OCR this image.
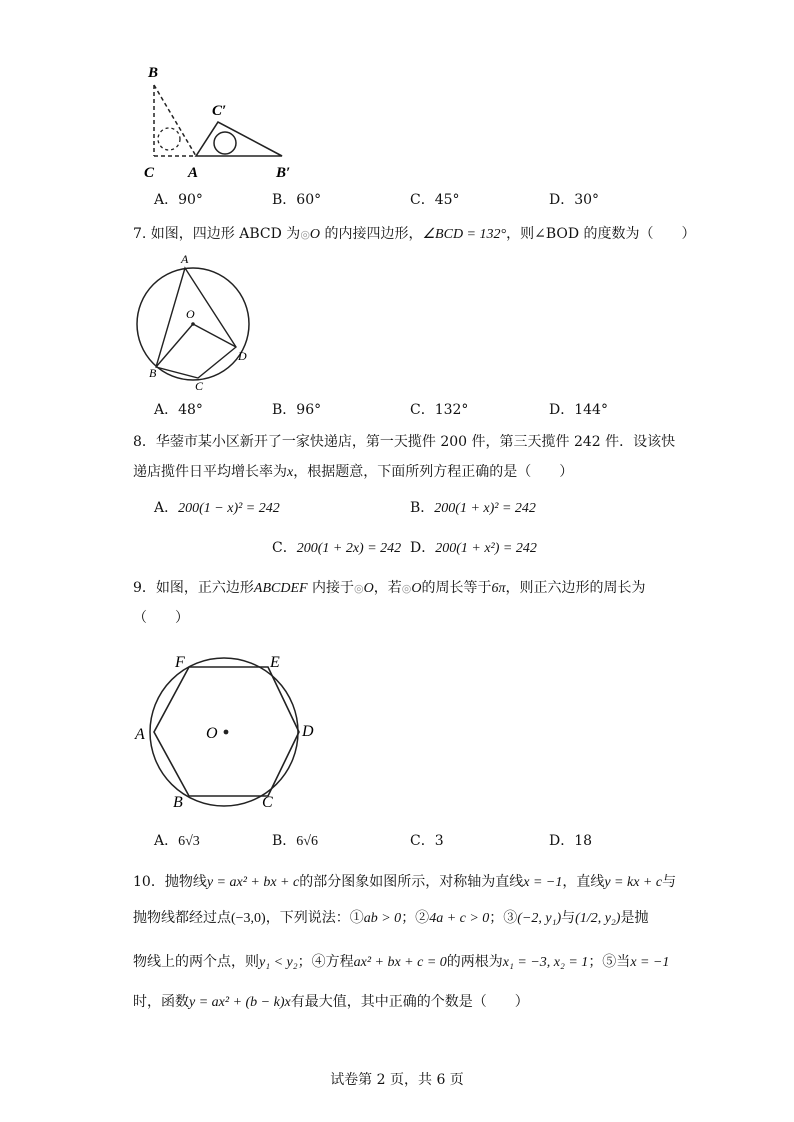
B
C A
C′
B′
A．90°	B．60°	C．45°	D．30°
7. 如图，四边形 ABCD 为◎O 的内接四边形，∠BCD = 132°，则∠BOD 的度数为（　　）
A
O
B
C
D
A．48°	B．96°	C．132°	D．144°
8．华蓥市某小区新开了一家快递店，第一天揽件 200 件，第三天揽件 242 件．设该快
递店揽件日平均增长率为x，根据题意，下面所列方程正确的是（　　）
A．200(1 − x)² = 242	B．200(1 + x)² = 242
C．200(1 + 2x) = 242 D．200(1 + x²) = 242
9．如图，正六边形ABCDEF 内接于◎O，若◎O的周长等于6π，则正六边形的周长为
（　　）
F	E
A	D
B	C
O
A．6√3	B．6√6	C．3	D．18
10．抛物线y = ax² + bx + c的部分图象如图所示，对称轴为直线x = −1，直线y = kx + c与
抛物线都经过点(−3,0)，下列说法：①ab > 0；②4a + c > 0；③(−2, y₁)与(1/2, y₂)是抛
物线上的两个点，则y₁ < y₂；④方程ax² + bx + c = 0的两根为x₁ = −3, x₂ = 1；⑤当x = −1
时，函数y = ax² + (b − k)x有最大值，其中正确的个数是（　　）
试卷第 2 页，共 6 页
